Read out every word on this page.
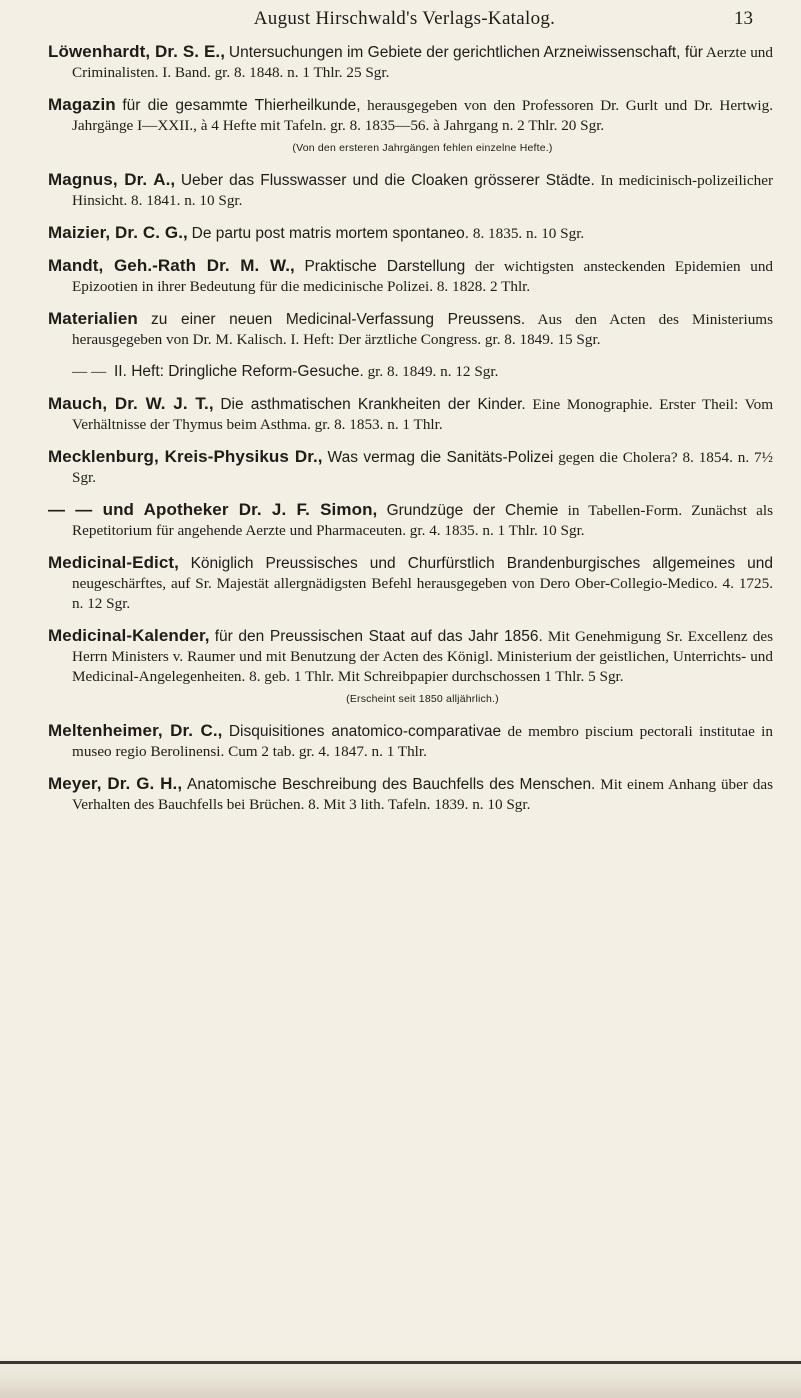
August Hirschwald's Verlags-Katalog.	13

Löwenhardt, Dr. S. E., Untersuchungen im Gebiete der gerichtlichen Arzneiwissenschaft, für Aerzte und Criminalisten. I. Band. gr. 8. 1848. n. 1 Thlr. 25 Sgr.

Magazin für die gesammte Thierheilkunde, herausgegeben von den Professoren Dr. Gurlt und Dr. Hertwig. Jahrgänge I—XXII., à 4 Hefte mit Tafeln. gr. 8. 1835—56. à Jahrgang n. 2 Thlr. 20 Sgr.
(Von den ersteren Jahrgängen fehlen einzelne Hefte.)

Magnus, Dr. A., Ueber das Flusswasser und die Cloaken grösserer Städte. In medicinisch-polizeilicher Hinsicht. 8. 1841. n. 10 Sgr.

Maizier, Dr. C. G., De partu post matris mortem spontaneo. 8. 1835. n. 10 Sgr.

Mandt, Geh.-Rath Dr. M. W., Praktische Darstellung der wichtigsten ansteckenden Epidemien und Epizootien in ihrer Bedeutung für die medicinische Polizei. 8. 1828. 2 Thlr.

Materialien zu einer neuen Medicinal-Verfassung Preussens. Aus den Acten des Ministeriums herausgegeben von Dr. M. Kalisch. I. Heft: Der ärztliche Congress. gr. 8. 1849. 15 Sgr.

— — II. Heft: Dringliche Reform-Gesuche. gr. 8. 1849. n. 12 Sgr.

Mauch, Dr. W. J. T., Die asthmatischen Krankheiten der Kinder. Eine Monographie. Erster Theil: Vom Verhältnisse der Thymus beim Asthma. gr. 8. 1853. n. 1 Thlr.

Mecklenburg, Kreis-Physikus Dr., Was vermag die Sanitäts-Polizei gegen die Cholera? 8. 1854. n. 7½ Sgr.

— — und Apotheker Dr. J. F. Simon, Grundzüge der Chemie in Tabellen-Form. Zunächst als Repetitorium für angehende Aerzte und Pharmaceuten. gr. 4. 1835. n. 1 Thlr. 10 Sgr.

Medicinal-Edict, Königlich Preussisches und Churfürstlich Brandenburgisches allgemeines und neugeschärftes, auf Sr. Majestät allergnädigsten Befehl herausgegeben von Dero Ober-Collegio-Medico. 4. 1725. n. 12 Sgr.

Medicinal-Kalender, für den Preussischen Staat auf das Jahr 1856. Mit Genehmigung Sr. Excellenz des Herrn Ministers v. Raumer und mit Benutzung der Acten des Königl. Ministerium der geistlichen, Unterrichts- und Medicinal-Angelegenheiten. 8. geb. 1 Thlr. Mit Schreibpapier durchschossen 1 Thlr. 5 Sgr.
(Erscheint seit 1850 alljährlich.)

Meltenheimer, Dr. C., Disquisitiones anatomico-comparativae de membro piscium pectorali institutae in museo regio Berolinensi. Cum 2 tab. gr. 4. 1847. n. 1 Thlr.

Meyer, Dr. G. H., Anatomische Beschreibung des Bauchfells des Menschen. Mit einem Anhang über das Verhalten des Bauchfells bei Brüchen. 8. Mit 3 lith. Tafeln. 1839. n. 10 Sgr.
